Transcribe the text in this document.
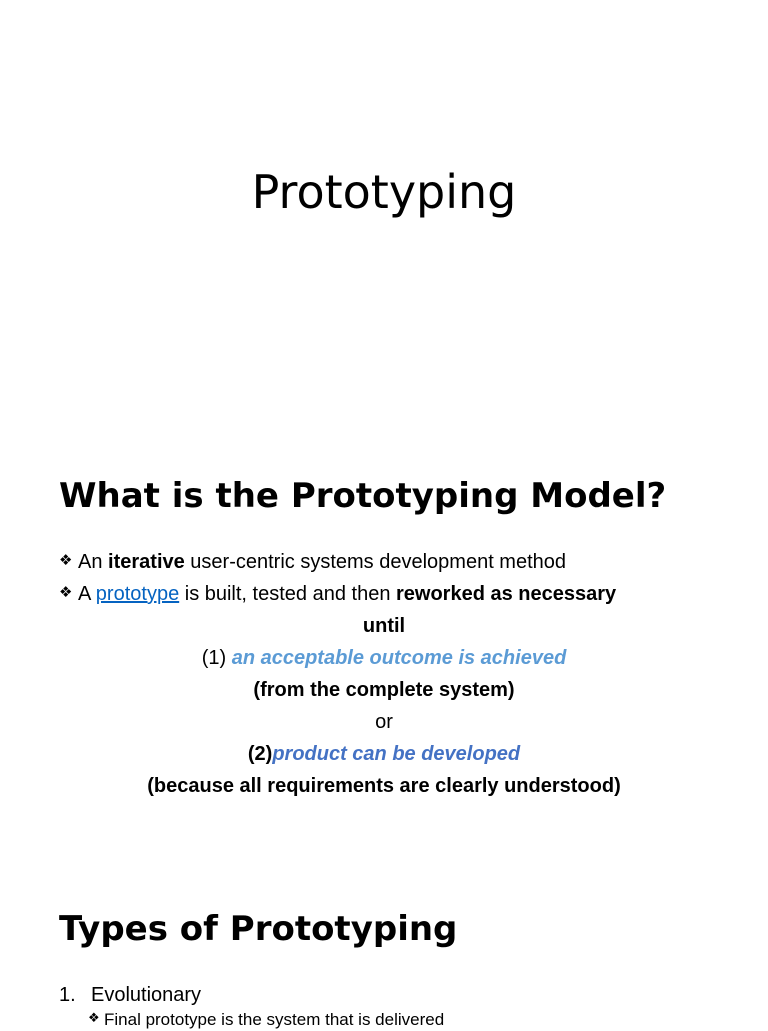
Prototyping
What is the Prototyping Model?
❖ An iterative user-centric systems development method
❖ A prototype is built, tested and then reworked as necessary
until
(1) an acceptable outcome is achieved
(from the complete system)
or
(2)product can be developed
(because all requirements are clearly understood)
Types of Prototyping
1. Evolutionary
❖ Final prototype is the system that is delivered
